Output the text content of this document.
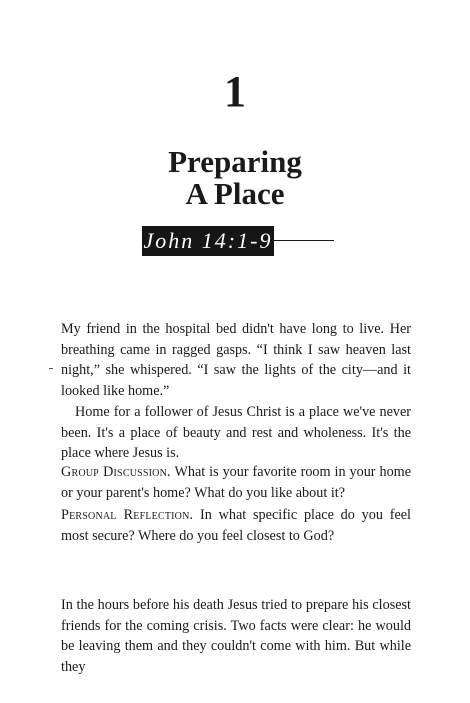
1
Preparing
A Place
John 14:1-9

My friend in the hospital bed didn't have long to live. Her breathing came in ragged gasps. “I think I saw heaven last night,” she whispered. “I saw the lights of the city—and it looked like home.”

Home for a follower of Jesus Christ is a place we've never been. It's a place of beauty and rest and wholeness. It's the place where Jesus is.

Group Discussion. What is your favorite room in your home or your parent's home? What do you like about it?

Personal Reflection. In what specific place do you feel most secure? Where do you feel closest to God?

In the hours before his death Jesus tried to prepare his closest friends for the coming crisis. Two facts were clear: he would be leaving them and they couldn't come with him. But while they
